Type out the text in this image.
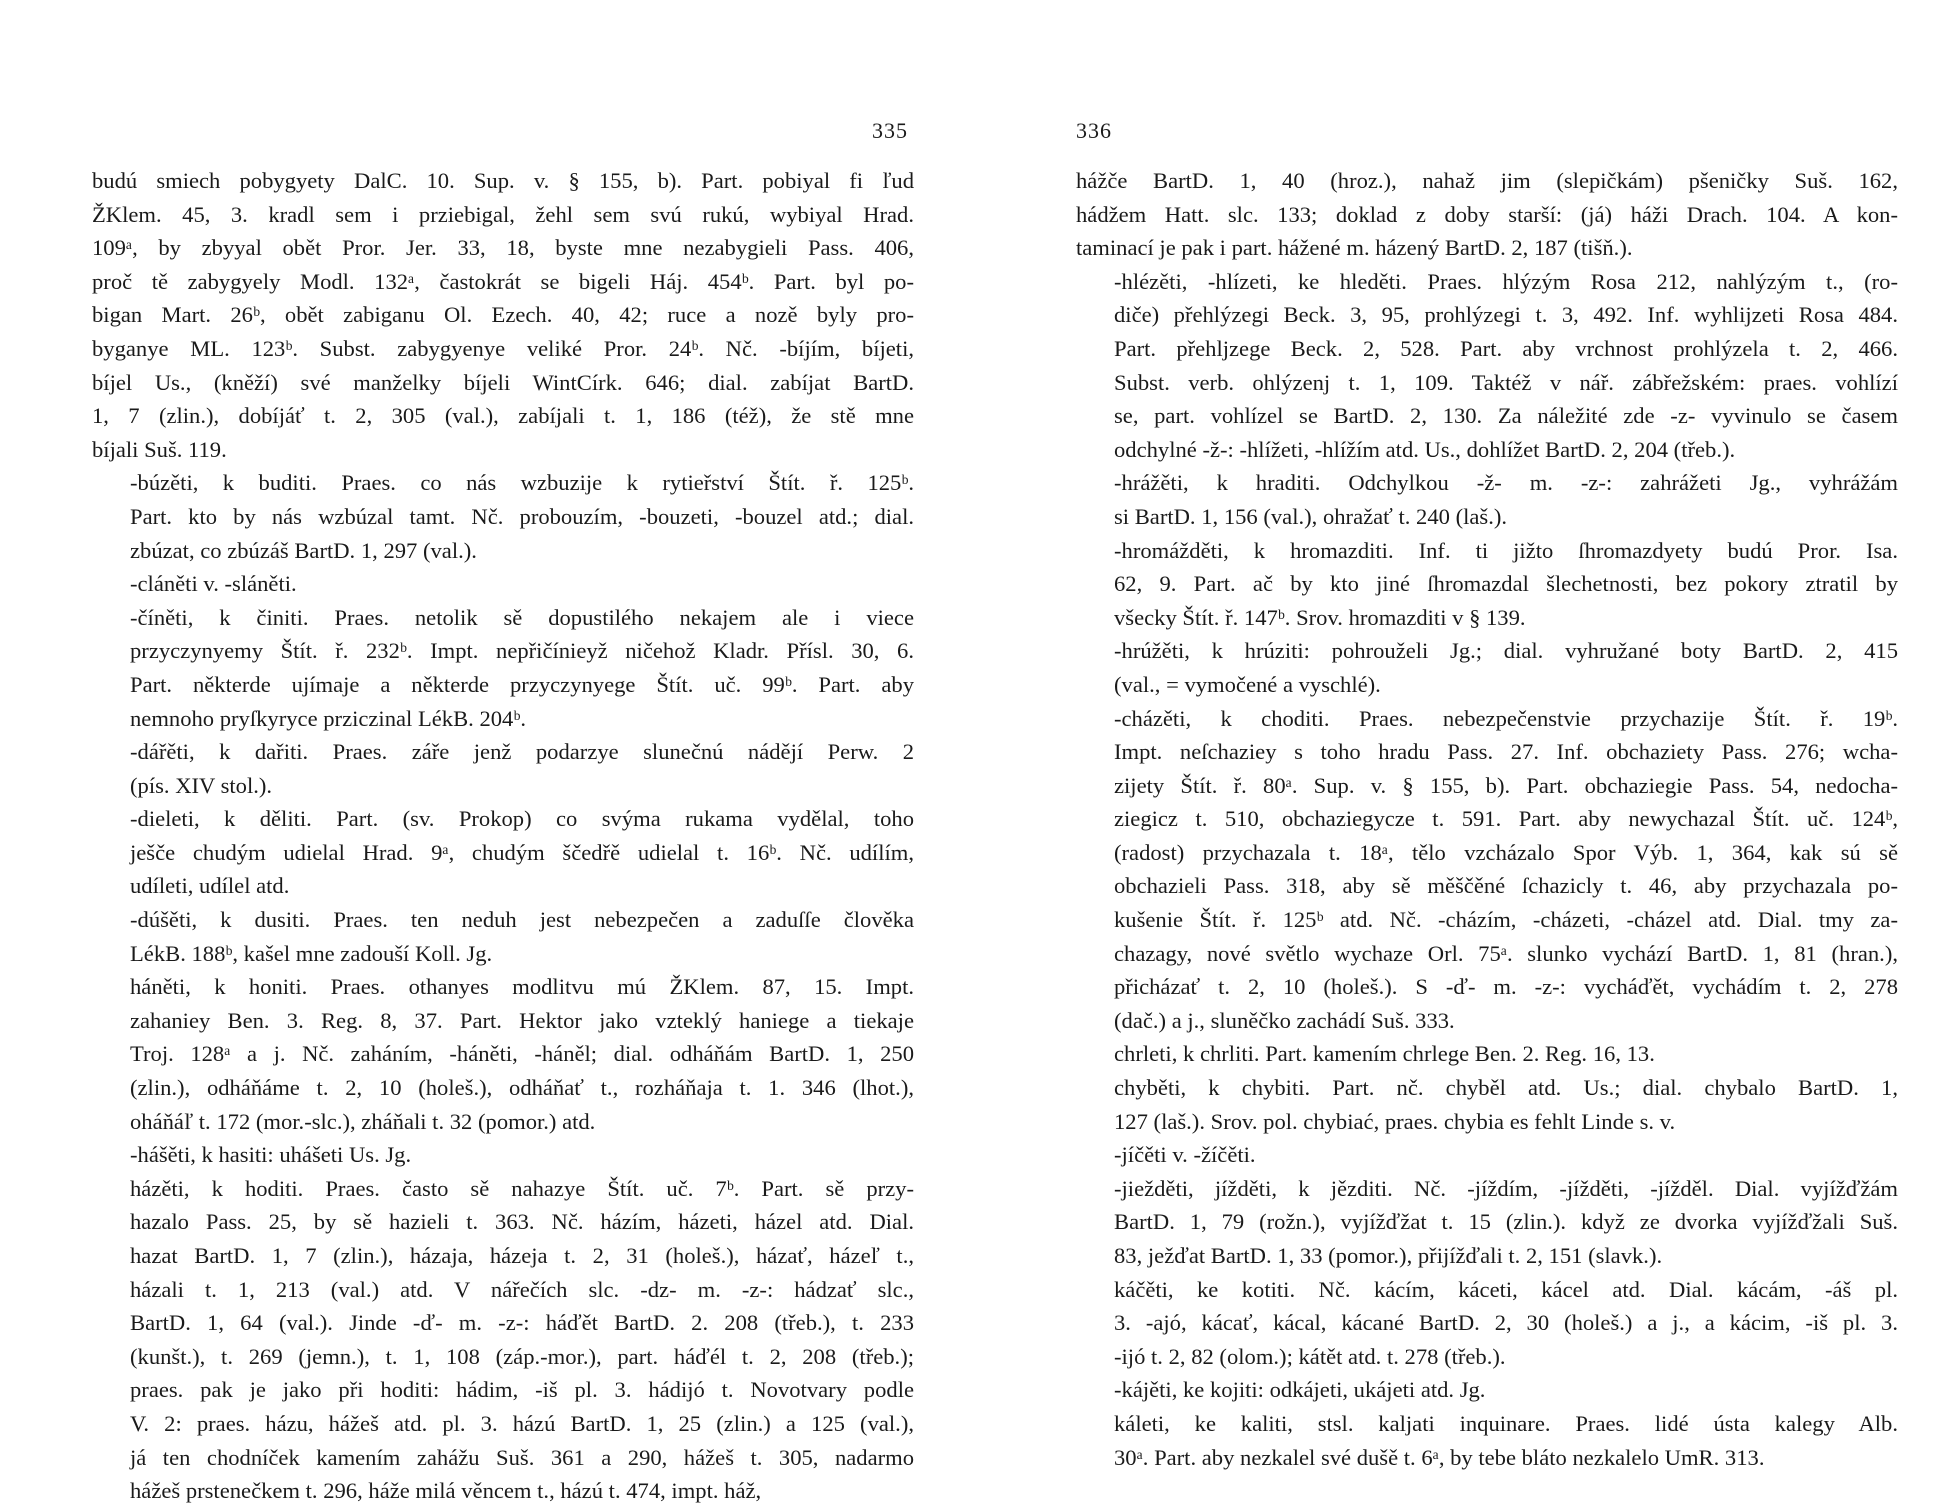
335
budú smiech pobygyety DalC. 10. Sup. v. § 155, b). Part. pobiyal fi ľud
ŽKlem. 45, 3. kradl sem i prziebigal, žehl sem svú rukú, wybiyal Hrad.
109ᵃ, by zbyyal obět Pror. Jer. 33, 18, byste mne nezabygieli Pass. 406,
proč tě zabygyely Modl. 132ᵃ, častokrát se bigeli Háj. 454ᵇ. Part. byl po-
bigan Mart. 26ᵇ, obět zabiganu Ol. Ezech. 40, 42; ruce a nozě byly pro-
byganye ML. 123ᵇ. Subst. zabygyenye veliké Pror. 24ᵇ. Nč. -bíjím, bíjeti,
bíjel Us., (kněží) své manželky bíjeli WintCírk. 646; dial. zabíjat BartD.
1, 7 (zlin.), dobíjáť t. 2, 305 (val.), zabíjali t. 1, 186 (též), že stě mne
bíjali Suš. 119.
-búzěti, k buditi. Praes. co nás wzbuzije k rytieřství Štít. ř. 125ᵇ.
Part. kto by nás wzbúzal tamt. Nč. probouzím, -bouzeti, -bouzel atd.; dial.
zbúzat, co zbúzáš BartD. 1, 297 (val.).
-cláněti v. -sláněti.
-číněti, k činiti. Praes. netolik sě dopustilého nekajem ale i viece
przyczynyemy Štít. ř. 232ᵇ. Impt. nepřičínieyž ničehož Kladr. Přísl. 30, 6.
Part. některde ujímaje a některde przyczynyege Štít. uč. 99ᵇ. Part. aby
nemnoho pryſkyryce prziczinal LékB. 204ᵇ.
-dářěti, k dařiti. Praes. záře jenž podarzye slunečnú nádějí Perw. 2
(pís. XIV stol.).
-dieleti, k děliti. Part. (sv. Prokop) co svýma rukama vydělal, toho
ješče chudým udielal Hrad. 9ᵃ, chudým ščedřě udielal t. 16ᵇ. Nč. udílím,
udíleti, udílel atd.
-dúšěti, k dusiti. Praes. ten neduh jest nebezpečen a zaduſſe člověka
LékB. 188ᵇ, kašel mne zadouší Koll. Jg.
háněti, k honiti. Praes. othanyes modlitvu mú ŽKlem. 87, 15. Impt.
zahaniey Ben. 3. Reg. 8, 37. Part. Hektor jako vzteklý haniege a tiekaje
Troj. 128ᵃ a j. Nč. zaháním, -háněti, -háněl; dial. odháňám BartD. 1, 250
(zlin.), odháňáme t. 2, 10 (holeš.), odháňať t., rozháňaja t. 1. 346 (lhot.),
oháňáľ t. 172 (mor.-slc.), zháňali t. 32 (pomor.) atd.
-hášěti, k hasiti: uhášeti Us. Jg.
házěti, k hoditi. Praes. často sě nahazye Štít. uč. 7ᵇ. Part. sě przy-
hazalo Pass. 25, by sě hazieli t. 363. Nč. házím, házeti, házel atd. Dial.
hazat BartD. 1, 7 (zlin.), házaja, házeja t. 2, 31 (holeš.), házať, házeľ t.,
házali t. 1, 213 (val.) atd. V nářečích slc. -dz- m. -z-: hádzať slc.,
BartD. 1, 64 (val.). Jinde -ď- m. -z-: háďět BartD. 2. 208 (třeb.), t. 233
(kunšt.), t. 269 (jemn.), t. 1, 108 (záp.-mor.), part. háďél t. 2, 208 (třeb.);
praes. pak je jako při hoditi: hádim, -iš pl. 3. hádijó t. Novotvary podle
V. 2: praes. házu, hážeš atd. pl. 3. házú BartD. 1, 25 (zlin.) a 125 (val.),
já ten chodníček kamením zahážu Suš. 361 a 290, hážeš t. 305, nadarmo
hážeš prstenečkem t. 296, háže milá věncem t., házú t. 474, impt. háž,
336
hážče BartD. 1, 40 (hroz.), nahaž jim (slepičkám) pšeničky Suš. 162,
hádžem Hatt. slc. 133; doklad z doby starší: (já) háži Drach. 104. A kon-
taminací je pak i part. hážené m. házený BartD. 2, 187 (tišň.).
-hlézěti, -hlízeti, ke hleděti. Praes. hlýzým Rosa 212, nahlýzým t., (ro-
diče) přehlýzegi Beck. 3, 95, prohlýzegi t. 3, 492. Inf. wyhlijzeti Rosa 484.
Part. přehljzege Beck. 2, 528. Part. aby vrchnost prohlýzela t. 2, 466.
Subst. verb. ohlýzenj t. 1, 109. Taktéž v nář. zábřežském: praes. vohlízí
se, part. vohlízel se BartD. 2, 130. Za náležité zde -z- vyvinulo se časem
odchylné -ž-: -hlížeti, -hlížím atd. Us., dohlížet BartD. 2, 204 (třeb.).
-hrážěti, k hraditi. Odchylkou -ž- m. -z-: zahrážeti Jg., vyhrážám
si BartD. 1, 156 (val.), ohražať t. 240 (laš.).
-hromážděti, k hromazditi. Inf. ti jižto ſhromazdyety budú Pror. Isa.
62, 9. Part. ač by kto jiné ſhromazdal šlechetnosti, bez pokory ztratil by
všecky Štít. ř. 147ᵇ. Srov. hromazditi v § 139.
-hrúžěti, k hrúziti: pohrouželi Jg.; dial. vyhružané boty BartD. 2, 415
(val., = vymočené a vyschlé).
-cházěti, k choditi. Praes. nebezpečenstvie przychazije Štít. ř. 19ᵇ.
Impt. neſchaziey s toho hradu Pass. 27. Inf. obchaziety Pass. 276; wcha-
zijety Štít. ř. 80ᵃ. Sup. v. § 155, b). Part. obchaziegie Pass. 54, nedocha-
ziegicz t. 510, obchaziegycze t. 591. Part. aby newychazal Štít. uč. 124ᵇ,
(radost) przychazala t. 18ᵃ, tělo vzcházalo Spor Výb. 1, 364, kak sú sě
obchazieli Pass. 318, aby sě měščěné ſchazicly t. 46, aby przychazala po-
kušenie Štít. ř. 125ᵇ atd. Nč. -cházím, -cházeti, -cházel atd. Dial. tmy za-
chazagy, nové světlo wychaze Orl. 75ᵃ. slunko vychází BartD. 1, 81 (hran.),
přicházať t. 2, 10 (holeš.). S -ď- m. -z-: vycháďět, vychádím t. 2, 278
(dač.) a j., sluněčko zachádí Suš. 333.
chrleti, k chrliti. Part. kamením chrlege Ben. 2. Reg. 16, 13.
chyběti, k chybiti. Part. nč. chyběl atd. Us.; dial. chybalo BartD. 1,
127 (laš.). Srov. pol. chybiać, praes. chybia es fehlt Linde s. v.
-jíčěti v. -žíčěti.
-jiežděti, jížděti, k jězditi. Nč. -jíždím, -jížděti, -jížděl. Dial. vyjížďžám
BartD. 1, 79 (rožn.), vyjížďžat t. 15 (zlin.). když ze dvorka vyjížďžali Suš.
83, ježďat BartD. 1, 33 (pomor.), přijížďali t. 2, 151 (slavk.).
káčěti, ke kotiti. Nč. kácím, káceti, kácel atd. Dial. kácám, -áš pl.
3. -ajó, kácať, kácal, kácané BartD. 2, 30 (holeš.) a j., a kácim, -iš pl. 3.
-ijó t. 2, 82 (olom.); kátět atd. t. 278 (třeb.).
-kájěti, ke kojiti: odkájeti, ukájeti atd. Jg.
káleti, ke kaliti, stsl. kaljati inquinare. Praes. lidé ústa kalegy Alb.
30ᵃ. Part. aby nezkalel své dušě t. 6ᵃ, by tebe bláto nezkalelo UmR. 313.
